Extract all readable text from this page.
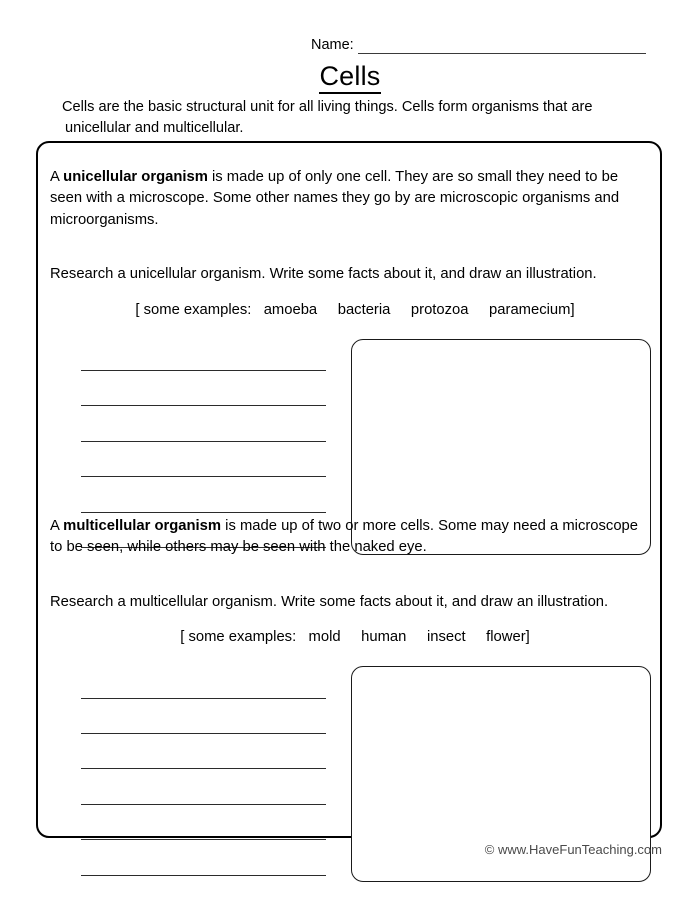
Name:
Cells
Cells are the basic structural unit for all living things. Cells form organisms that are
unicellular and multicellular.

A unicellular organism is made up of only one cell. They are so small they need to be seen with a microscope. Some other names they go by are microscopic organisms and microorganisms.

Research a unicellular organism. Write some facts about it, and draw an illustration.

[ some examples:   amoeba     bacteria     protozoa     paramecium]

A multicellular organism is made up of two or more cells. Some may need a microscope to be seen, while others may be seen with the naked eye.

Research a multicellular organism. Write some facts about it, and draw an illustration.

[ some examples:   mold     human     insect     flower]

© www.HaveFunTeaching.com
